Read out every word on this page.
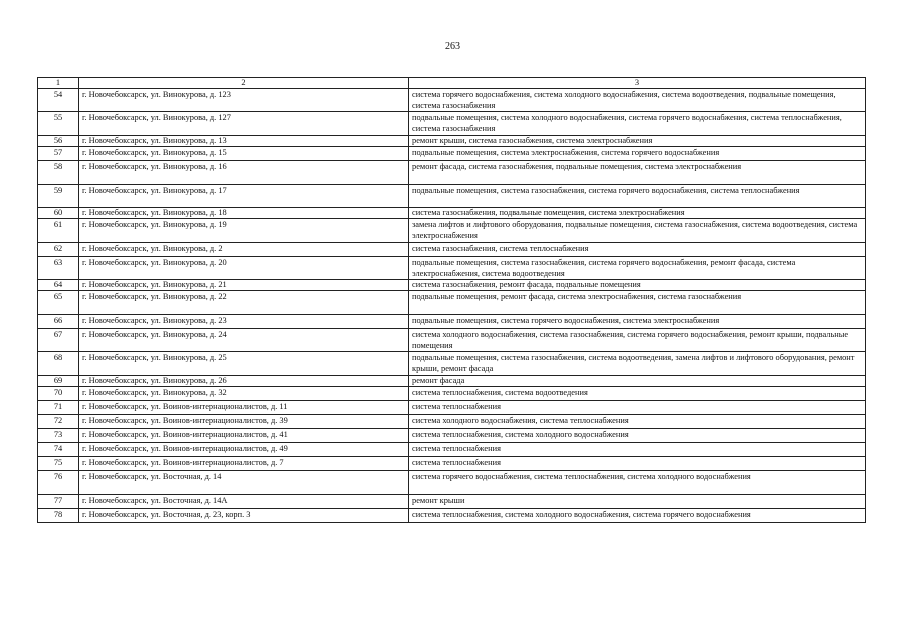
263
1	2	3
54	г. Новочебоксарск, ул. Винокурова, д. 123	система горячего водоснабжения, система холодного водоснабжения, система водоотведения, подвальные помещения, система газоснабжения
55	г. Новочебоксарск, ул. Винокурова, д. 127	подвальные помещения, система холодного водоснабжения, система горячего водоснабжения, система теплоснабжения, система газоснабжения
56	г. Новочебоксарск, ул. Винокурова, д. 13	ремонт крыши, система газоснабжения, система электроснабжения
57	г. Новочебоксарск, ул. Винокурова, д. 15	подвальные помещения, система электроснабжения, система горячего водоснабжения
58	г. Новочебоксарск, ул. Винокурова, д. 16	ремонт фасада, система газоснабжения, подвальные помещения, система электроснабжения
59	г. Новочебоксарск, ул. Винокурова, д. 17	подвальные помещения, система газоснабжения, система горячего водоснабжения, система теплоснабжения
60	г. Новочебоксарск, ул. Винокурова, д. 18	система газоснабжения, подвальные помещения, система электроснабжения
61	г. Новочебоксарск, ул. Винокурова, д. 19	замена лифтов и лифтового оборудования, подвальные помещения, система газоснабжения, система водоотведения, система электроснабжения
62	г. Новочебоксарск, ул. Винокурова, д. 2	система газоснабжения, система теплоснабжения
63	г. Новочебоксарск, ул. Винокурова, д. 20	подвальные помещения, система газоснабжения, система горячего водоснабжения, ремонт фасада, система электроснабжения, система водоотведения
64	г. Новочебоксарск, ул. Винокурова, д. 21	система газоснабжения, ремонт фасада, подвальные помещения
65	г. Новочебоксарск, ул. Винокурова, д. 22	подвальные помещения, ремонт фасада, система электроснабжения, система газоснабжения
66	г. Новочебоксарск, ул. Винокурова, д. 23	подвальные помещения, система горячего водоснабжения, система электроснабжения
67	г. Новочебоксарск, ул. Винокурова, д. 24	система холодного водоснабжения, система газоснабжения, система горячего водоснабжения, ремонт крыши, подвальные помещения
68	г. Новочебоксарск, ул. Винокурова, д. 25	подвальные помещения, система газоснабжения, система водоотведения, замена лифтов и лифтового оборудования, ремонт крыши, ремонт фасада
69	г. Новочебоксарск, ул. Винокурова, д. 26	ремонт фасада
70	г. Новочебоксарск, ул. Винокурова, д. 32	система теплоснабжения, система водоотведения
71	г. Новочебоксарск, ул. Воинов-интернационалистов, д. 11	система теплоснабжения
72	г. Новочебоксарск, ул. Воинов-интернационалистов, д. 39	система холодного водоснабжения, система теплоснабжения
73	г. Новочебоксарск, ул. Воинов-интернационалистов, д. 41	система теплоснабжения, система холодного водоснабжения
74	г. Новочебоксарск, ул. Воинов-интернационалистов, д. 49	система теплоснабжения
75	г. Новочебоксарск, ул. Воинов-интернационалистов, д. 7	система теплоснабжения
76	г. Новочебоксарск, ул. Восточная, д. 14	система горячего водоснабжения, система теплоснабжения, система холодного водоснабжения
77	г. Новочебоксарск, ул. Восточная, д. 14А	ремонт крыши
78	г. Новочебоксарск, ул. Восточная, д. 23, корп. 3	система теплоснабжения, система холодного водоснабжения, система горячего водоснабжения
